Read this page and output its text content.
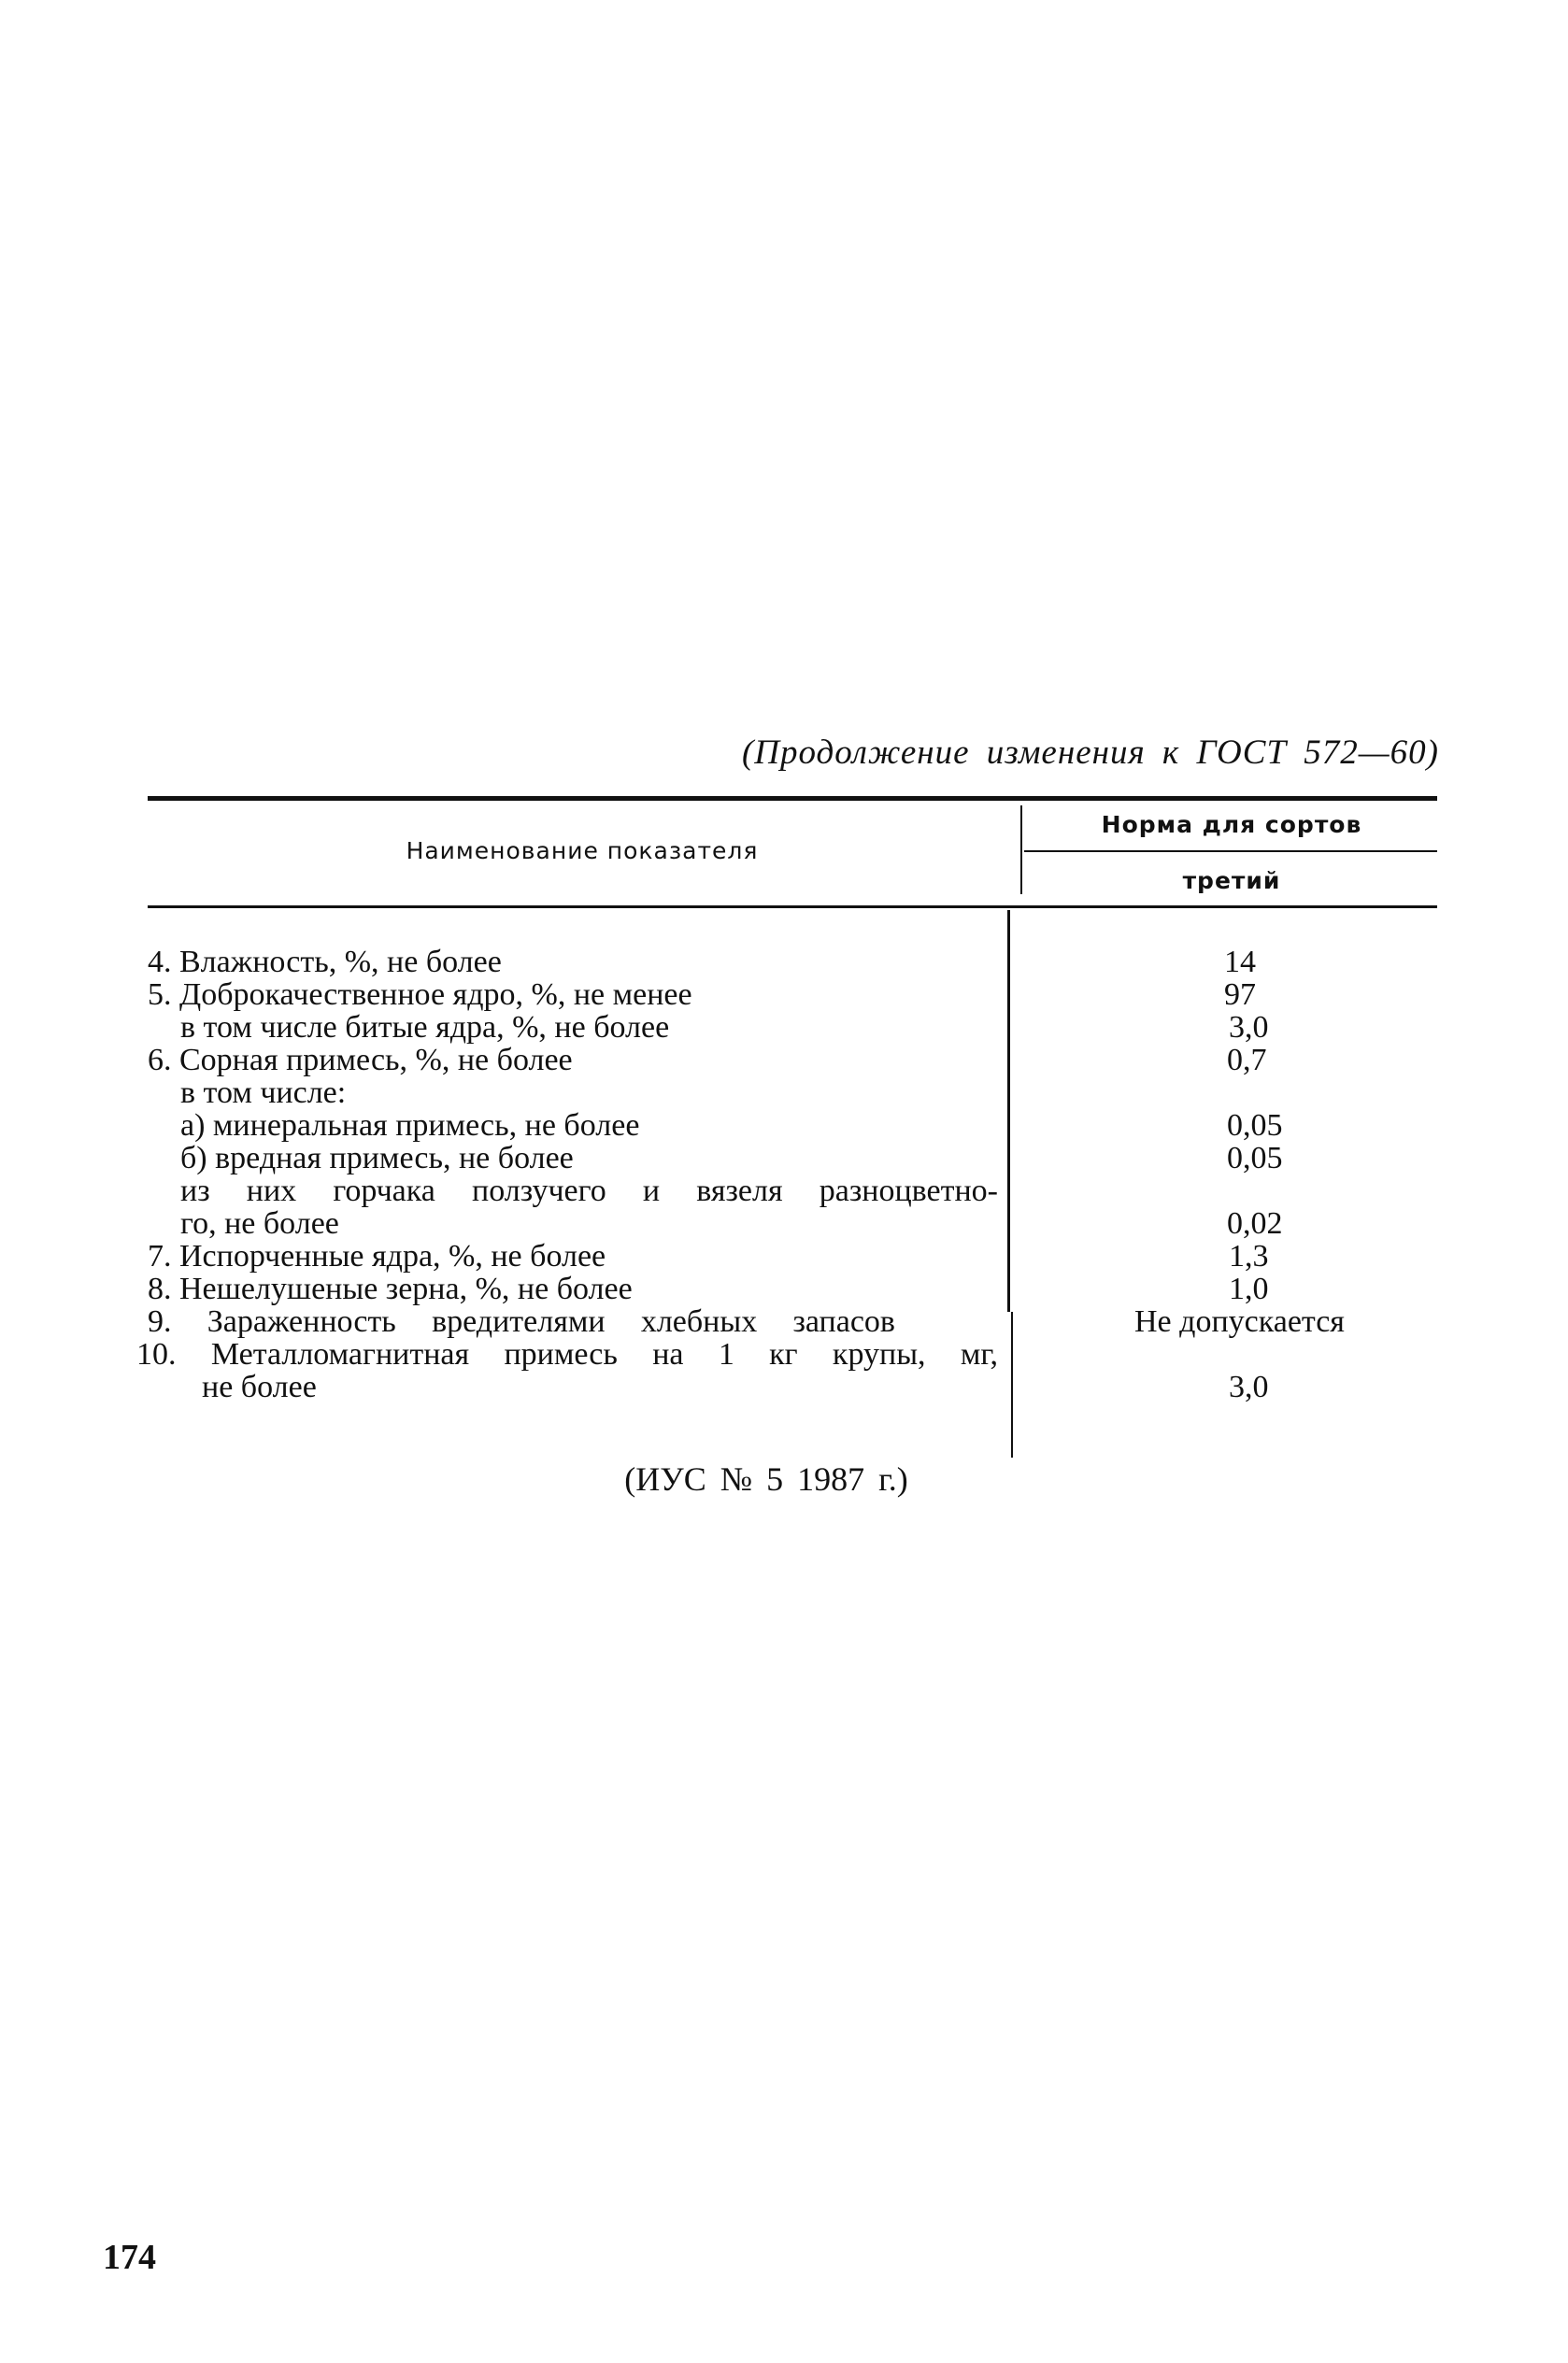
(Продолжение изменения к ГОСТ 572—60)
Наименование показателя
Норма для сортов
третий
4. Влажность, %, не более	14
5. Доброкачественное ядро, %, не менее	97
в том числе битые ядра, %, не более	3,0
6. Сорная примесь, %, не более	0,7
в том числе:
а) минеральная примесь, не более	0,05
б) вредная примесь, не более	0,05
из них горчака ползучего и вязеля разноцветно-
го, не более	0,02
7. Испорченные ядра, %, не более	1,3
8. Нешелушеные зерна, %, не более	1,0
9. Зараженность вредителями хлебных запасов	Не допускается
10. Металломагнитная примесь на 1 кг крупы, мг,
не более	3,0
(ИУС № 5 1987 г.)
174
